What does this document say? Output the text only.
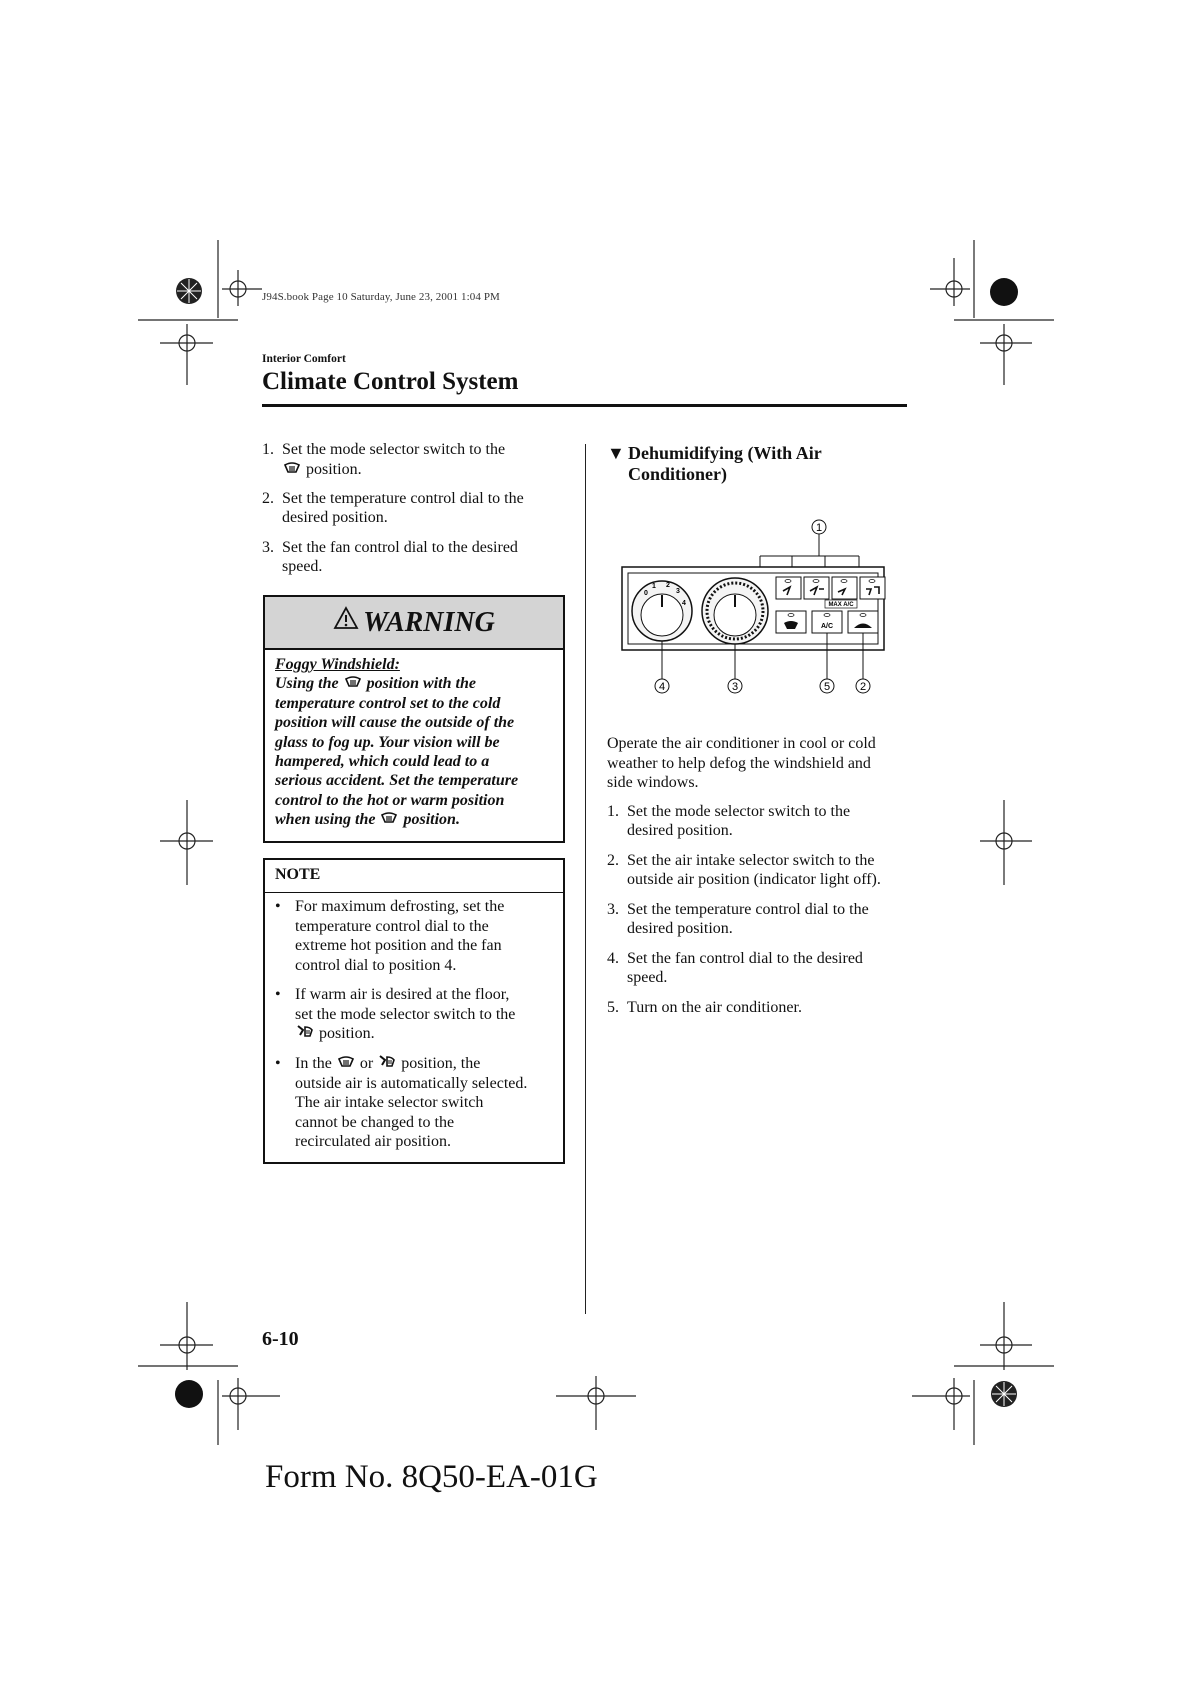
J94S.book Page 10 Saturday, June 23, 2001 1:04 PM
Interior Comfort
Climate Control System
1. Set the mode selector switch to the
position.
2. Set the temperature control dial to the
desired position.
3. Set the fan control dial to the desired
speed.
WARNING
Foggy Windshield:
Using the position with the
temperature control set to the cold
position will cause the outside of the
glass to fog up. Your vision will be
hampered, which could lead to a
serious accident. Set the temperature
control to the hot or warm position
when using the position.
NOTE
• For maximum defrosting, set the
temperature control dial to the
extreme hot position and the fan
control dial to position 4.
• If warm air is desired at the floor,
set the mode selector switch to the
position.
• In the or position, the
outside air is automatically selected.
The air intake selector switch
cannot be changed to the
recirculated air position.
▼ Dehumidifying (With Air
Conditioner)
1
0
1 2
3
4	MAX A/C
A/C
4	3	5	2
Operate the air conditioner in cool or cold
weather to help defog the windshield and
side windows.
1. Set the mode selector switch to the
desired position.
2. Set the air intake selector switch to the
outside air position (indicator light off).
3. Set the temperature control dial to the
desired position.
4. Set the fan control dial to the desired
speed.
5. Turn on the air conditioner.
6-10
Form No. 8Q50-EA-01G
